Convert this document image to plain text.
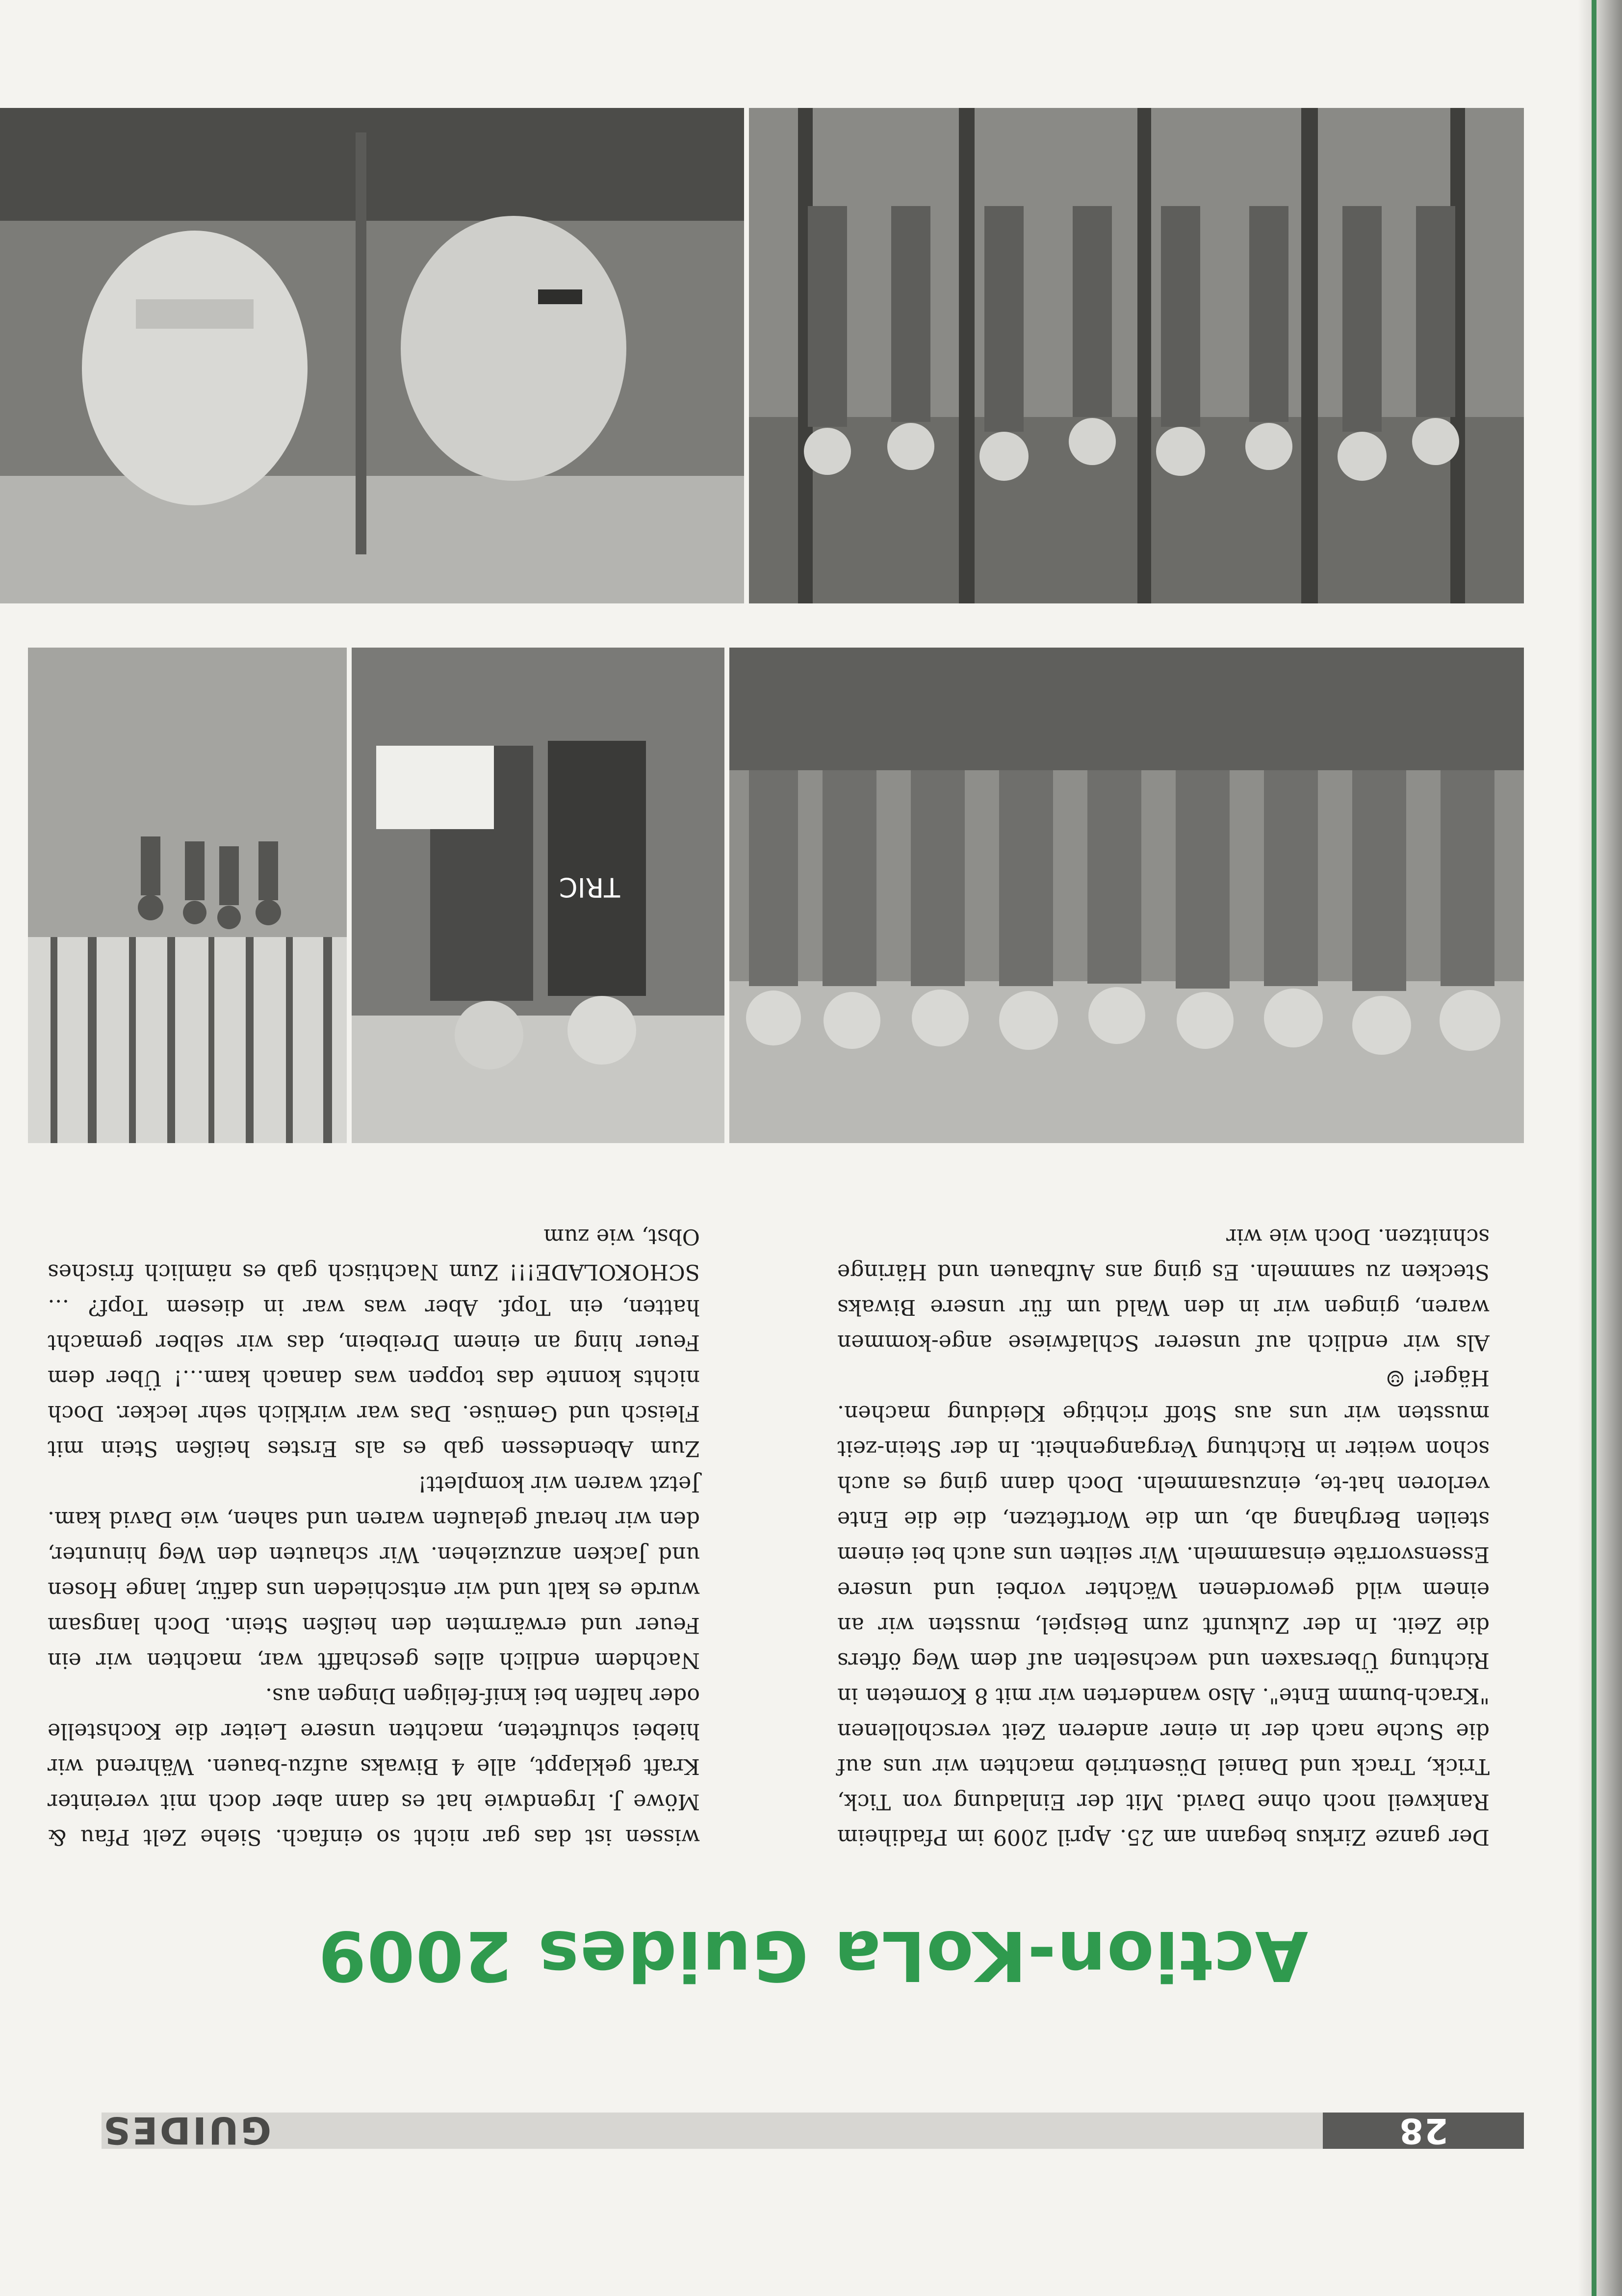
28
GUIDES
Action-KoLa Guides 2009

Der ganze Zirkus begann am 25. April 2009 im Pfadiheim Rankweil noch ohne David. Mit der Einladung von Tick, Trick, Track und Daniel Düsentrieb machten wir uns auf die Suche nach der in einer anderen Zeit verschollenen "Krach-bumm Ente". Also wanderten wir mit 8 Korneten in Richtung Übersaxen und wechselten auf dem Weg öfters die Zeit. In der Zukunft zum Beispiel, mussten wir an einem wild gewordenen Wächter vorbei und unsere Essensvorräte einsammeln. Wir seilten uns auch bei einem steilen Berghang ab, um die Wortfetzen, die die Ente verloren hat-te, einzusammeln. Doch dann ging es auch schon weiter in Richtung Vergangenheit. In der Stein-zeit mussten wir uns aus Stoff richtige Kleidung machen. Häger! ☺

Als wir endlich auf unserer Schlafwiese ange-kommen waren, gingen wir in den Wald um für unsere Biwaks Stecken zu sammeln. Es ging ans Aufbauen und Häringe schnitzen. Doch wie wir

wissen ist das gar nicht so einfach. Siehe Zelt Pfau & Möwe J. Irgendwie hat es dann aber doch mit vereinter Kraft geklappt, alle 4 Biwaks aufzu-bauen. Während wir hiebei schufteten, machten unsere Leiter die Kochstelle oder halfen bei knif-feligen Dingen aus.

Nachdem endlich alles geschafft war, machten wir ein Feuer und erwärmten den heißen Stein. Doch langsam wurde es kalt und wir entschieden uns dafür, lange Hosen und Jacken anzuziehen. Wir schauten den Weg hinunter, den wir herauf gelaufen waren und sahen, wie David kam. Jetzt waren wir komplett!

Zum Abendessen gab es als Erstes heißen Stein mit Fleisch und Gemüse. Das war wirklich sehr lecker. Doch nichts konnte das toppen was danach kam…! Über dem Feuer hing an einem Dreibein, das wir selber gemacht hatten, ein Topf. Aber was war in diesem Topf? … SCHOKOLADE!!! Zum Nachtisch gab es nämlich frisches Obst, wie zum

TRIC
